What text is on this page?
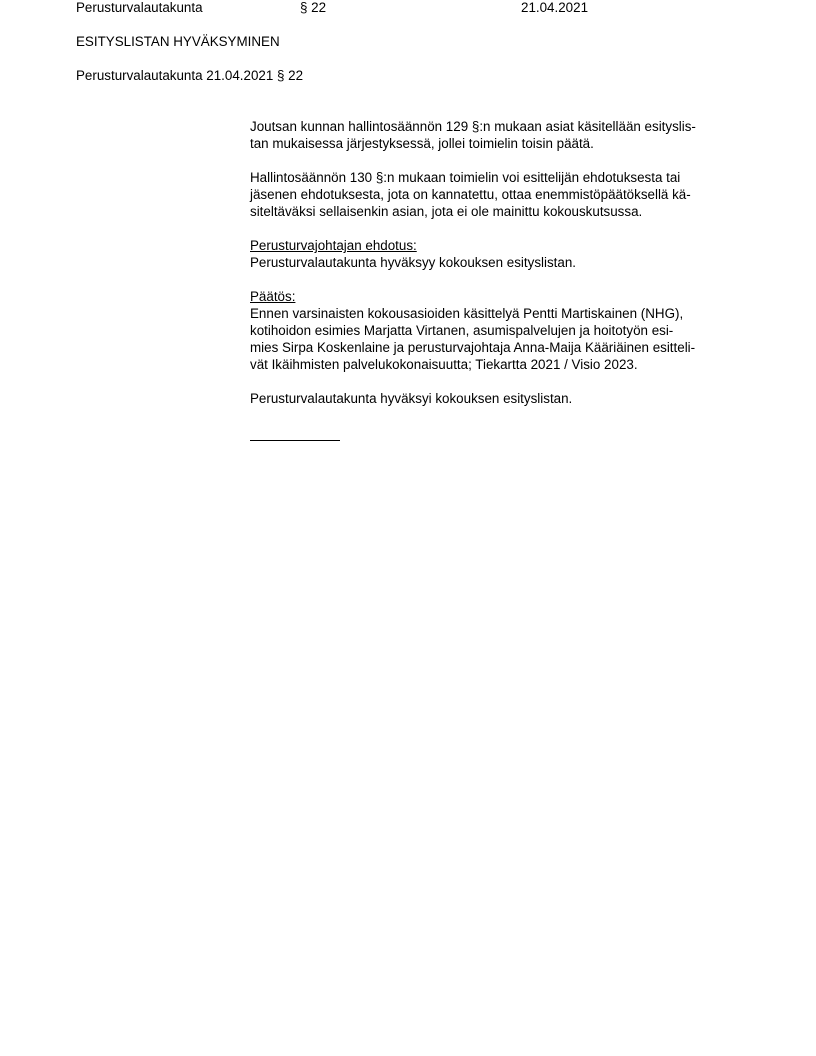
Perusturvalautakunta	§ 22	21.04.2021
ESITYSLISTAN HYVÄKSYMINEN
Perusturvalautakunta 21.04.2021 § 22
Joutsan kunnan hallintosäännön 129 §:n mukaan asiat käsitellään esityslis-
tan mukaisessa järjestyksessä, jollei toimielin toisin päätä.
Hallintosäännön 130 §:n mukaan toimielin voi esittelijän ehdotuksesta tai
jäsenen ehdotuksesta, jota on kannatettu, ottaa enemmistöpäätöksellä kä-
siteltäväksi sellaisenkin asian, jota ei ole mainittu kokouskutsussa.
Perusturvajohtajan ehdotus:
Perusturvalautakunta hyväksyy kokouksen esityslistan.
Päätös:
Ennen varsinaisten kokousasioiden käsittelyä Pentti Martiskainen (NHG),
kotihoidon esimies Marjatta Virtanen, asumispalvelujen ja hoitotyön esi-
mies Sirpa Koskenlaine ja perusturvajohtaja Anna-Maija Kääriäinen esitteli-
vät Ikäihmisten palvelukokonaisuutta; Tiekartta 2021 / Visio 2023.
Perusturvalautakunta hyväksyi kokouksen esityslistan.
